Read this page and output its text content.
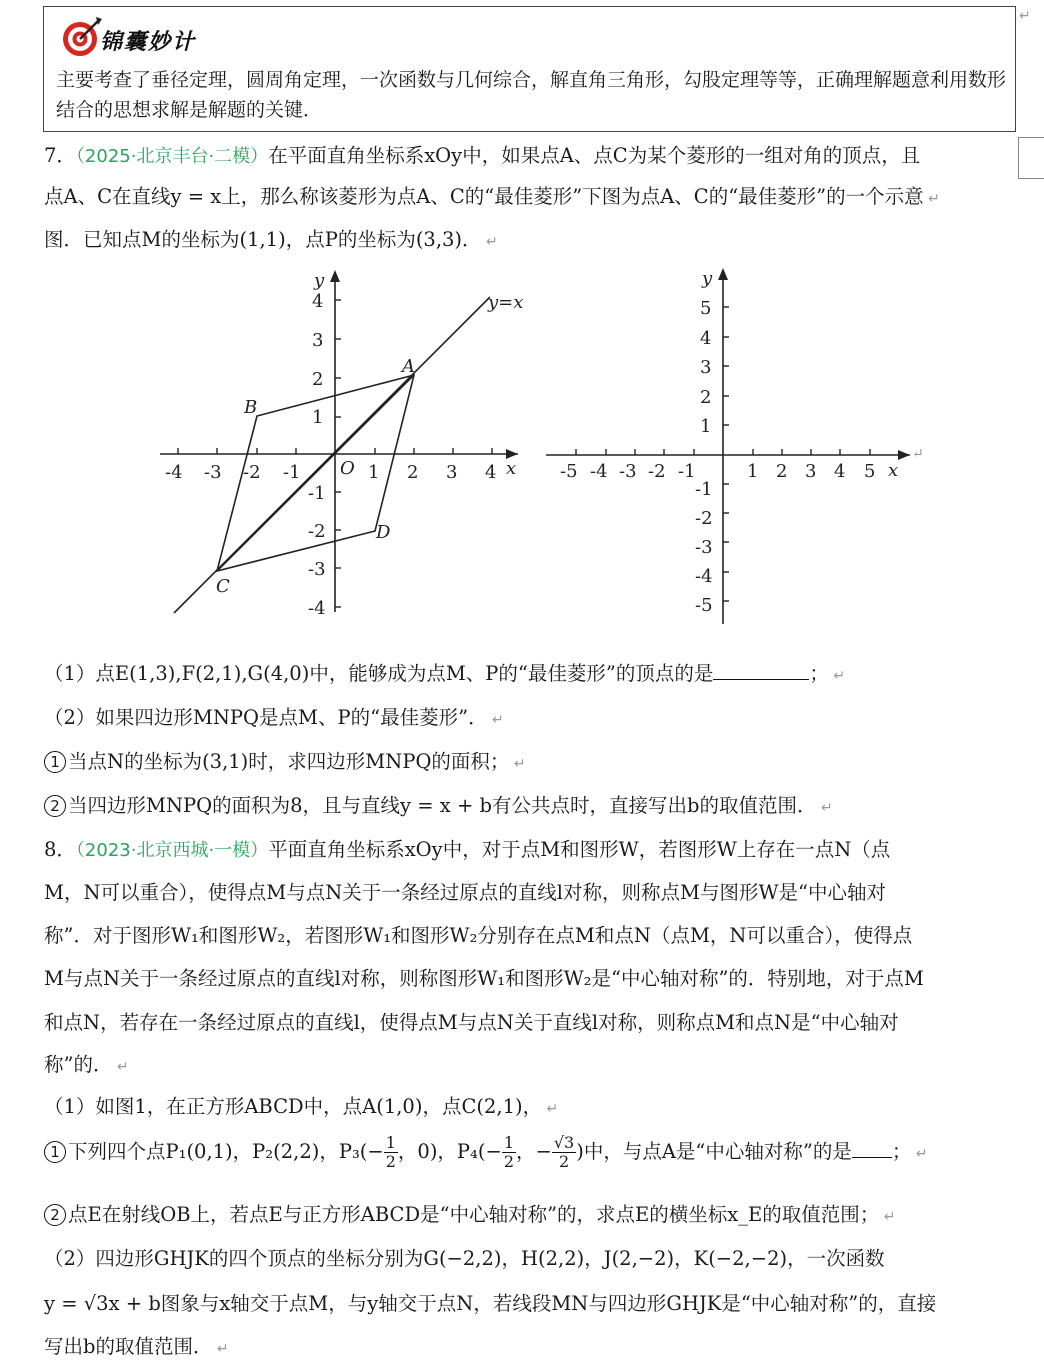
锦囊妙计
主要考查了垂径定理，圆周角定理，一次函数与几何综合，解直角三角形，勾股定理等等，正确理解题意利用数形结合的思想求解是解题的关键．
↵
7．（2025·北京丰台·二模）在平面直角坐标系xOy中，如果点A、点C为某个菱形的一组对角的顶点，且
点A、C在直线y = x上，那么称该菱形为点A、C的“最佳菱形”下图为点A、C的“最佳菱形”的一个示意 ↵
图．已知点M的坐标为(1,1)，点P的坐标为(3,3)． ↵
-4 -3 -2 -1	1 2 3 4
4
3
2
1
-1
-2
-3
-4
O	x
y
y=x
A
B
C
D
-5 -4 -3 -2 -1	1 2 3 4 5
5
4
3
2
1
-1
-2
-3
-4
-5
x
y
↵
（1）点E(1,3),F(2,1),G(4,0)中，能够成为点M、P的“最佳菱形”的顶点的是	； ↵
（2）如果四边形MNPQ是点M、P的“最佳菱形”． ↵
1 当点N的坐标为(3,1)时，求四边形MNPQ的面积； ↵
2 当四边形MNPQ的面积为8，且与直线y = x + b有公共点时，直接写出b的取值范围． ↵
8．（2023·北京西城·一模）平面直角坐标系xOy中，对于点M和图形W，若图形W上存在一点N（点
M，N可以重合），使得点M与点N关于一条经过原点的直线l对称，则称点M与图形W是“中心轴对
称”．对于图形W₁和图形W₂，若图形W₁和图形W₂分别存在点M和点N（点M，N可以重合），使得点
M与点N关于一条经过原点的直线l对称，则称图形W₁和图形W₂是“中心轴对称”的．特别地，对于点M
和点N，若存在一条经过原点的直线l，使得点M与点N关于直线l对称，则称点M和点N是“中心轴对
称”的． ↵
（1）如图1，在正方形ABCD中，点A(1,0)，点C(2,1)， ↵
1 下列四个点P₁(0,1)，P₂(2,2)，$P_3(- \frac{1}{2}$ ，0)，$P_4(- \frac{1}{2}$ ，− $\frac{√3}{2}$ )中，与点A是“中心轴对称”的是 ； ↵
2 点E在射线OB上，若点E与正方形ABCD是“中心轴对称”的，求点E的横坐标x_E的取值范围； ↵
（2）四边形GHJK的四个顶点的坐标分别为G(−2,2)，H(2,2)，J(2,−2)，K(−2,−2)，一次函数
y = √3x + b图象与x轴交于点M，与y轴交于点N，若线段MN与四边形GHJK是“中心轴对称”的，直接
写出b的取值范围． ↵
